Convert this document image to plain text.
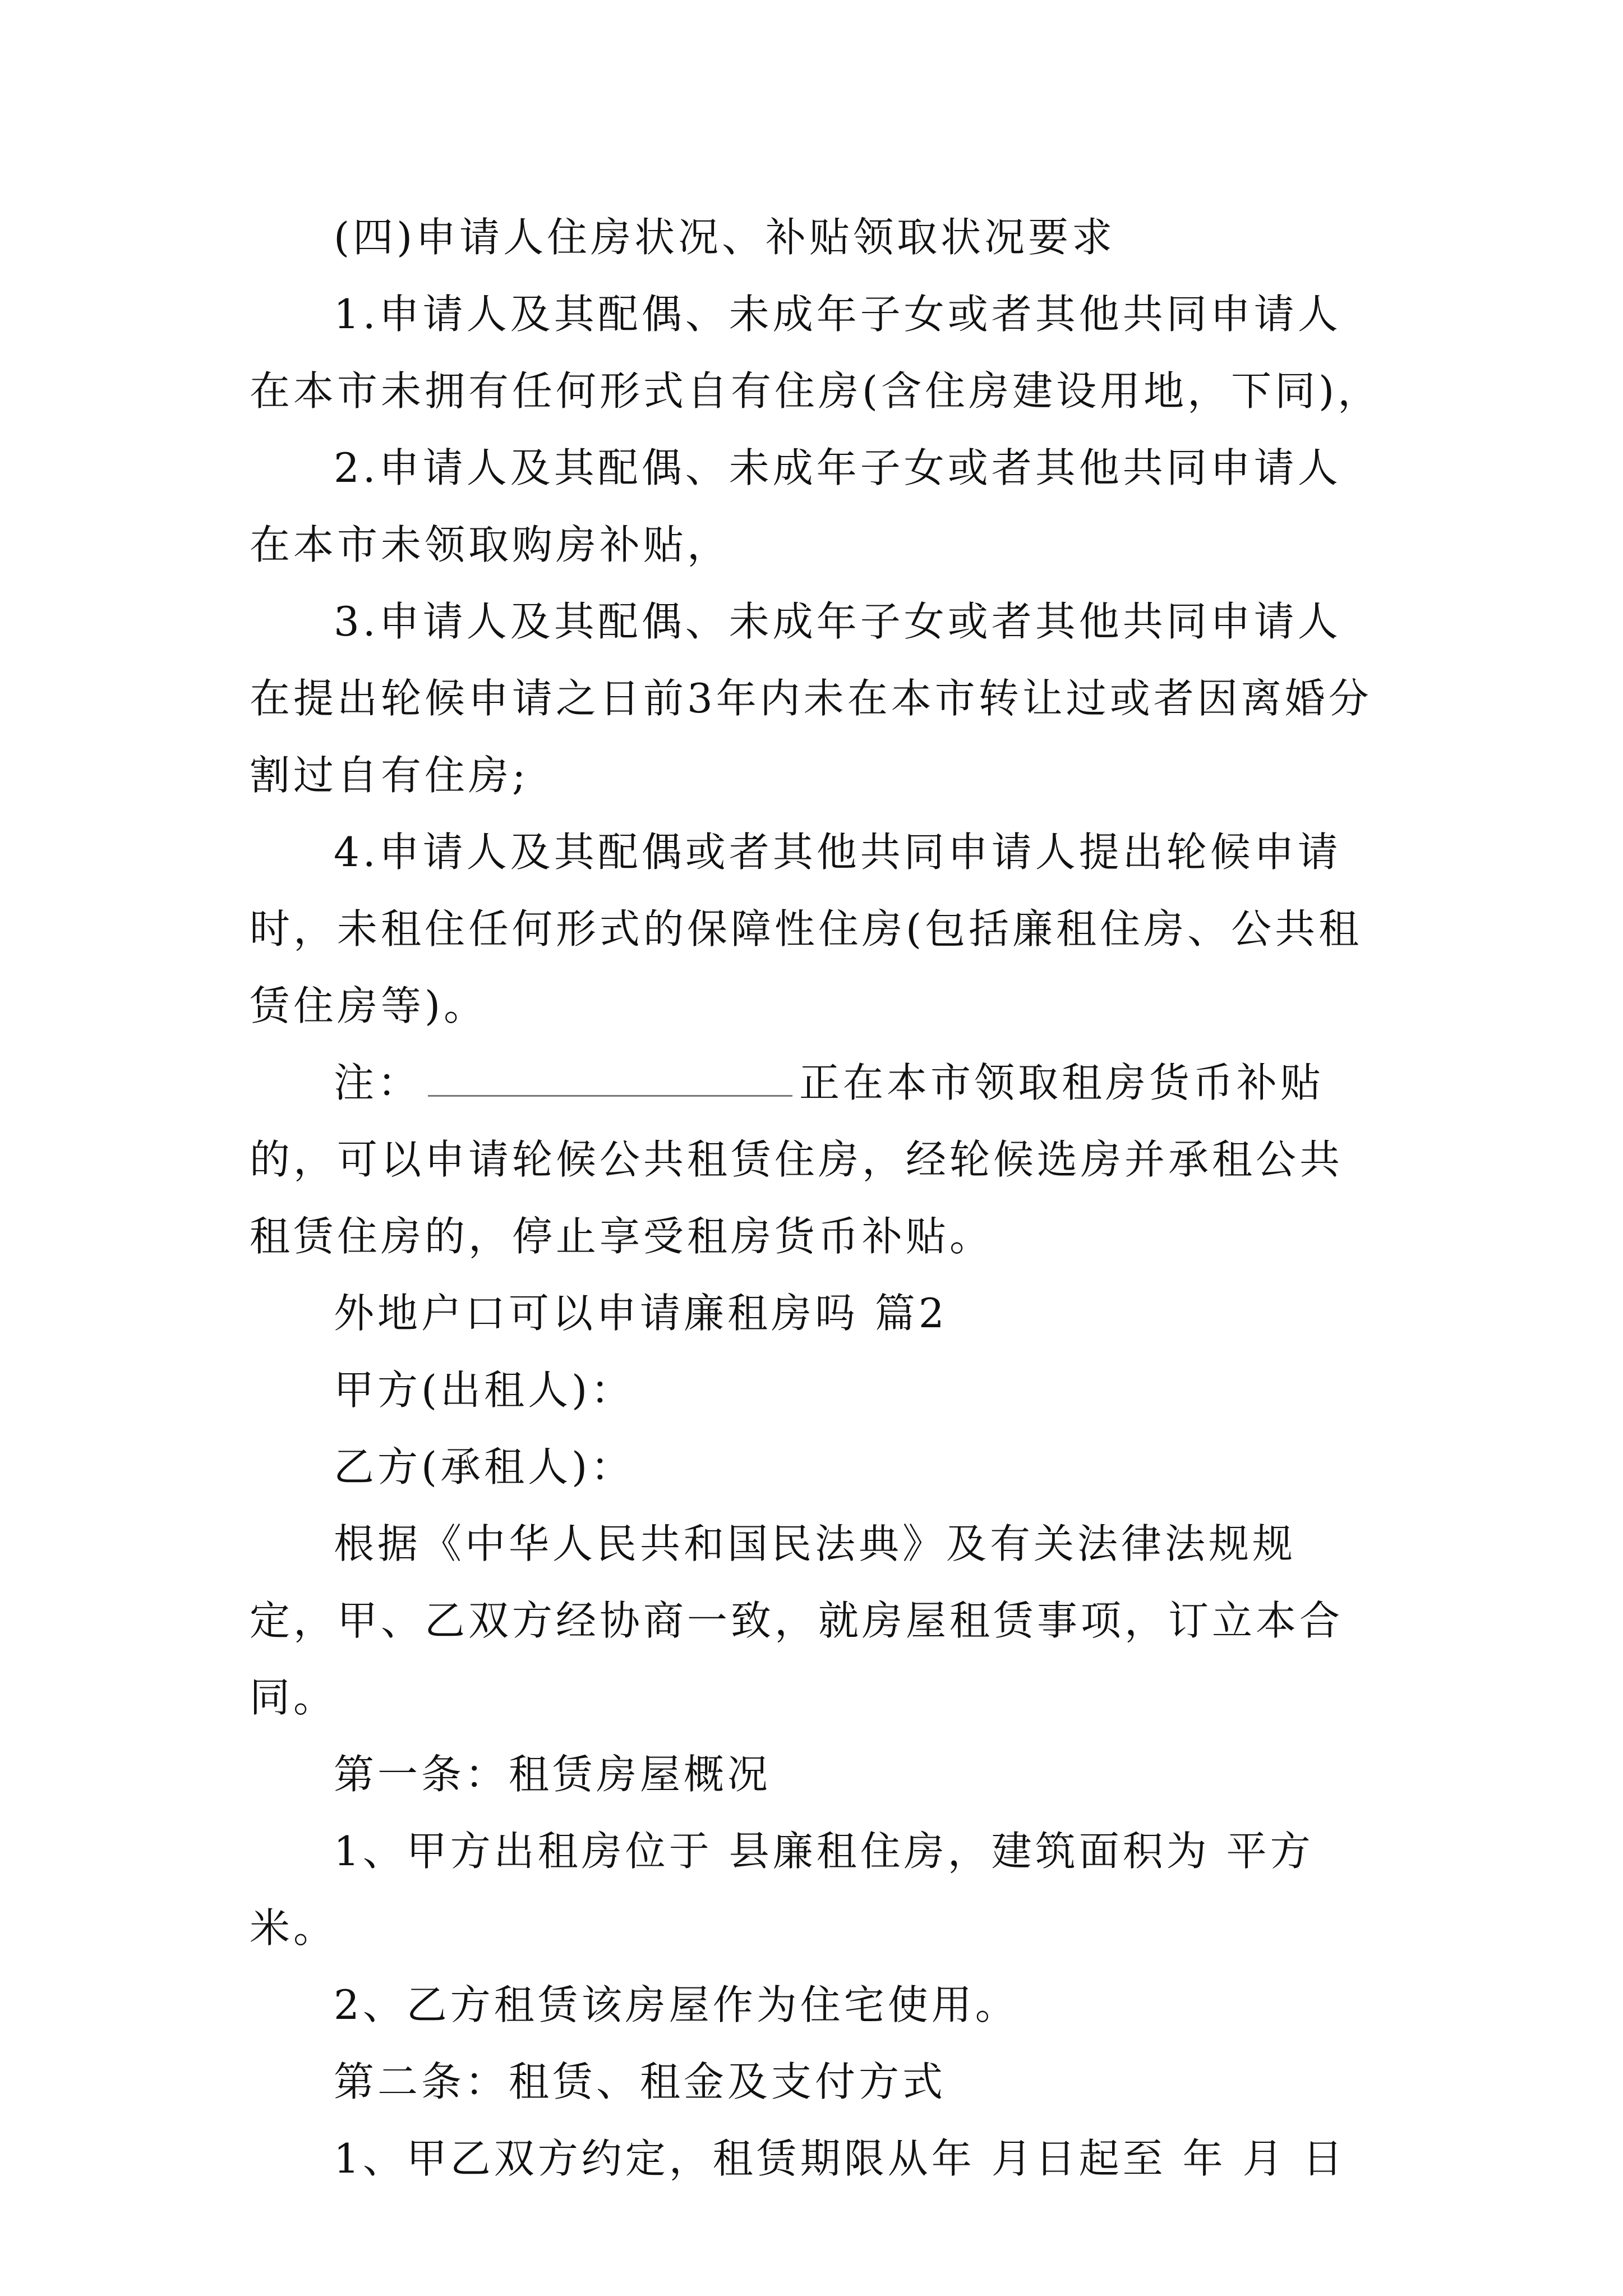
(四)申请人住房状况、补贴领取状况要求

1.申请人及其配偶、未成年子女或者其他共同申请人在本市未拥有任何形式自有住房(含住房建设用地，下同)，

2.申请人及其配偶、未成年子女或者其他共同申请人在本市未领取购房补贴，

3.申请人及其配偶、未成年子女或者其他共同申请人在提出轮候申请之日前3年内未在本市转让过或者因离婚分割过自有住房;

4.申请人及其配偶或者其他共同申请人提出轮候申请时，未租住任何形式的保障性住房(包括廉租住房、公共租赁住房等)。

注：	正在本市领取租房货币补贴的，可以申请轮候公共租赁住房，经轮候选房并承租公共租赁住房的，停止享受租房货币补贴。

外地户口可以申请廉租房吗 篇2

甲方(出租人)：

乙方(承租人)：

根据《中华人民共和国民法典》及有关法律法规规定，甲、乙双方经协商一致，就房屋租赁事项，订立本合同。

第一条：租赁房屋概况

1、甲方出租房位于 县廉租住房，建筑面积为 平方米。

2、乙方租赁该房屋作为住宅使用。

第二条：租赁、租金及支付方式

1、甲乙双方约定，租赁期限从年 月日起至 年 月 日
